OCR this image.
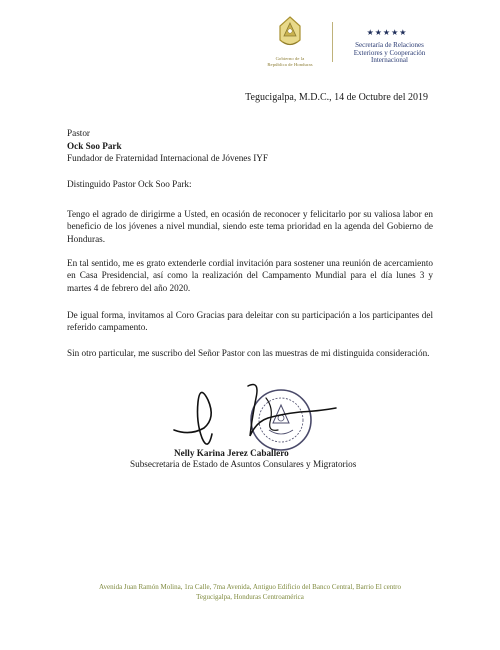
Gobierno de la
República de Honduras
★★★★★
Secretaría de Relaciones
Exteriores y Cooperación
Internacional
Tegucigalpa, M.D.C., 14 de Octubre del 2019
Pastor
Ock Soo Park
Fundador de Fraternidad Internacional de Jóvenes IYF
Distinguido Pastor Ock Soo Park:
Tengo el agrado de dirigirme a Usted, en ocasión de reconocer y felicitarlo por su valiosa labor en beneficio de los jóvenes a nivel mundial, siendo este tema prioridad en la agenda del Gobierno de Honduras.
En tal sentido, me es grato extenderle cordial invitación para sostener una reunión de acercamiento en Casa Presidencial, así como la realización del Campamento Mundial para el día lunes 3 y martes 4 de febrero del año 2020.
De igual forma, invitamos al Coro Gracias para deleitar con su participación a los participantes del referido campamento.
Sin otro particular, me suscribo del Señor Pastor con las muestras de mi distinguida consideración.
Nelly Karina Jerez Caballero
Subsecretaria de Estado de Asuntos Consulares y Migratorios
Avenida Juan Ramón Molina, 1ra Calle, 7ma Avenida, Antiguo Edificio del Banco Central, Barrio El centro
Tegucigalpa, Honduras Centroamérica
